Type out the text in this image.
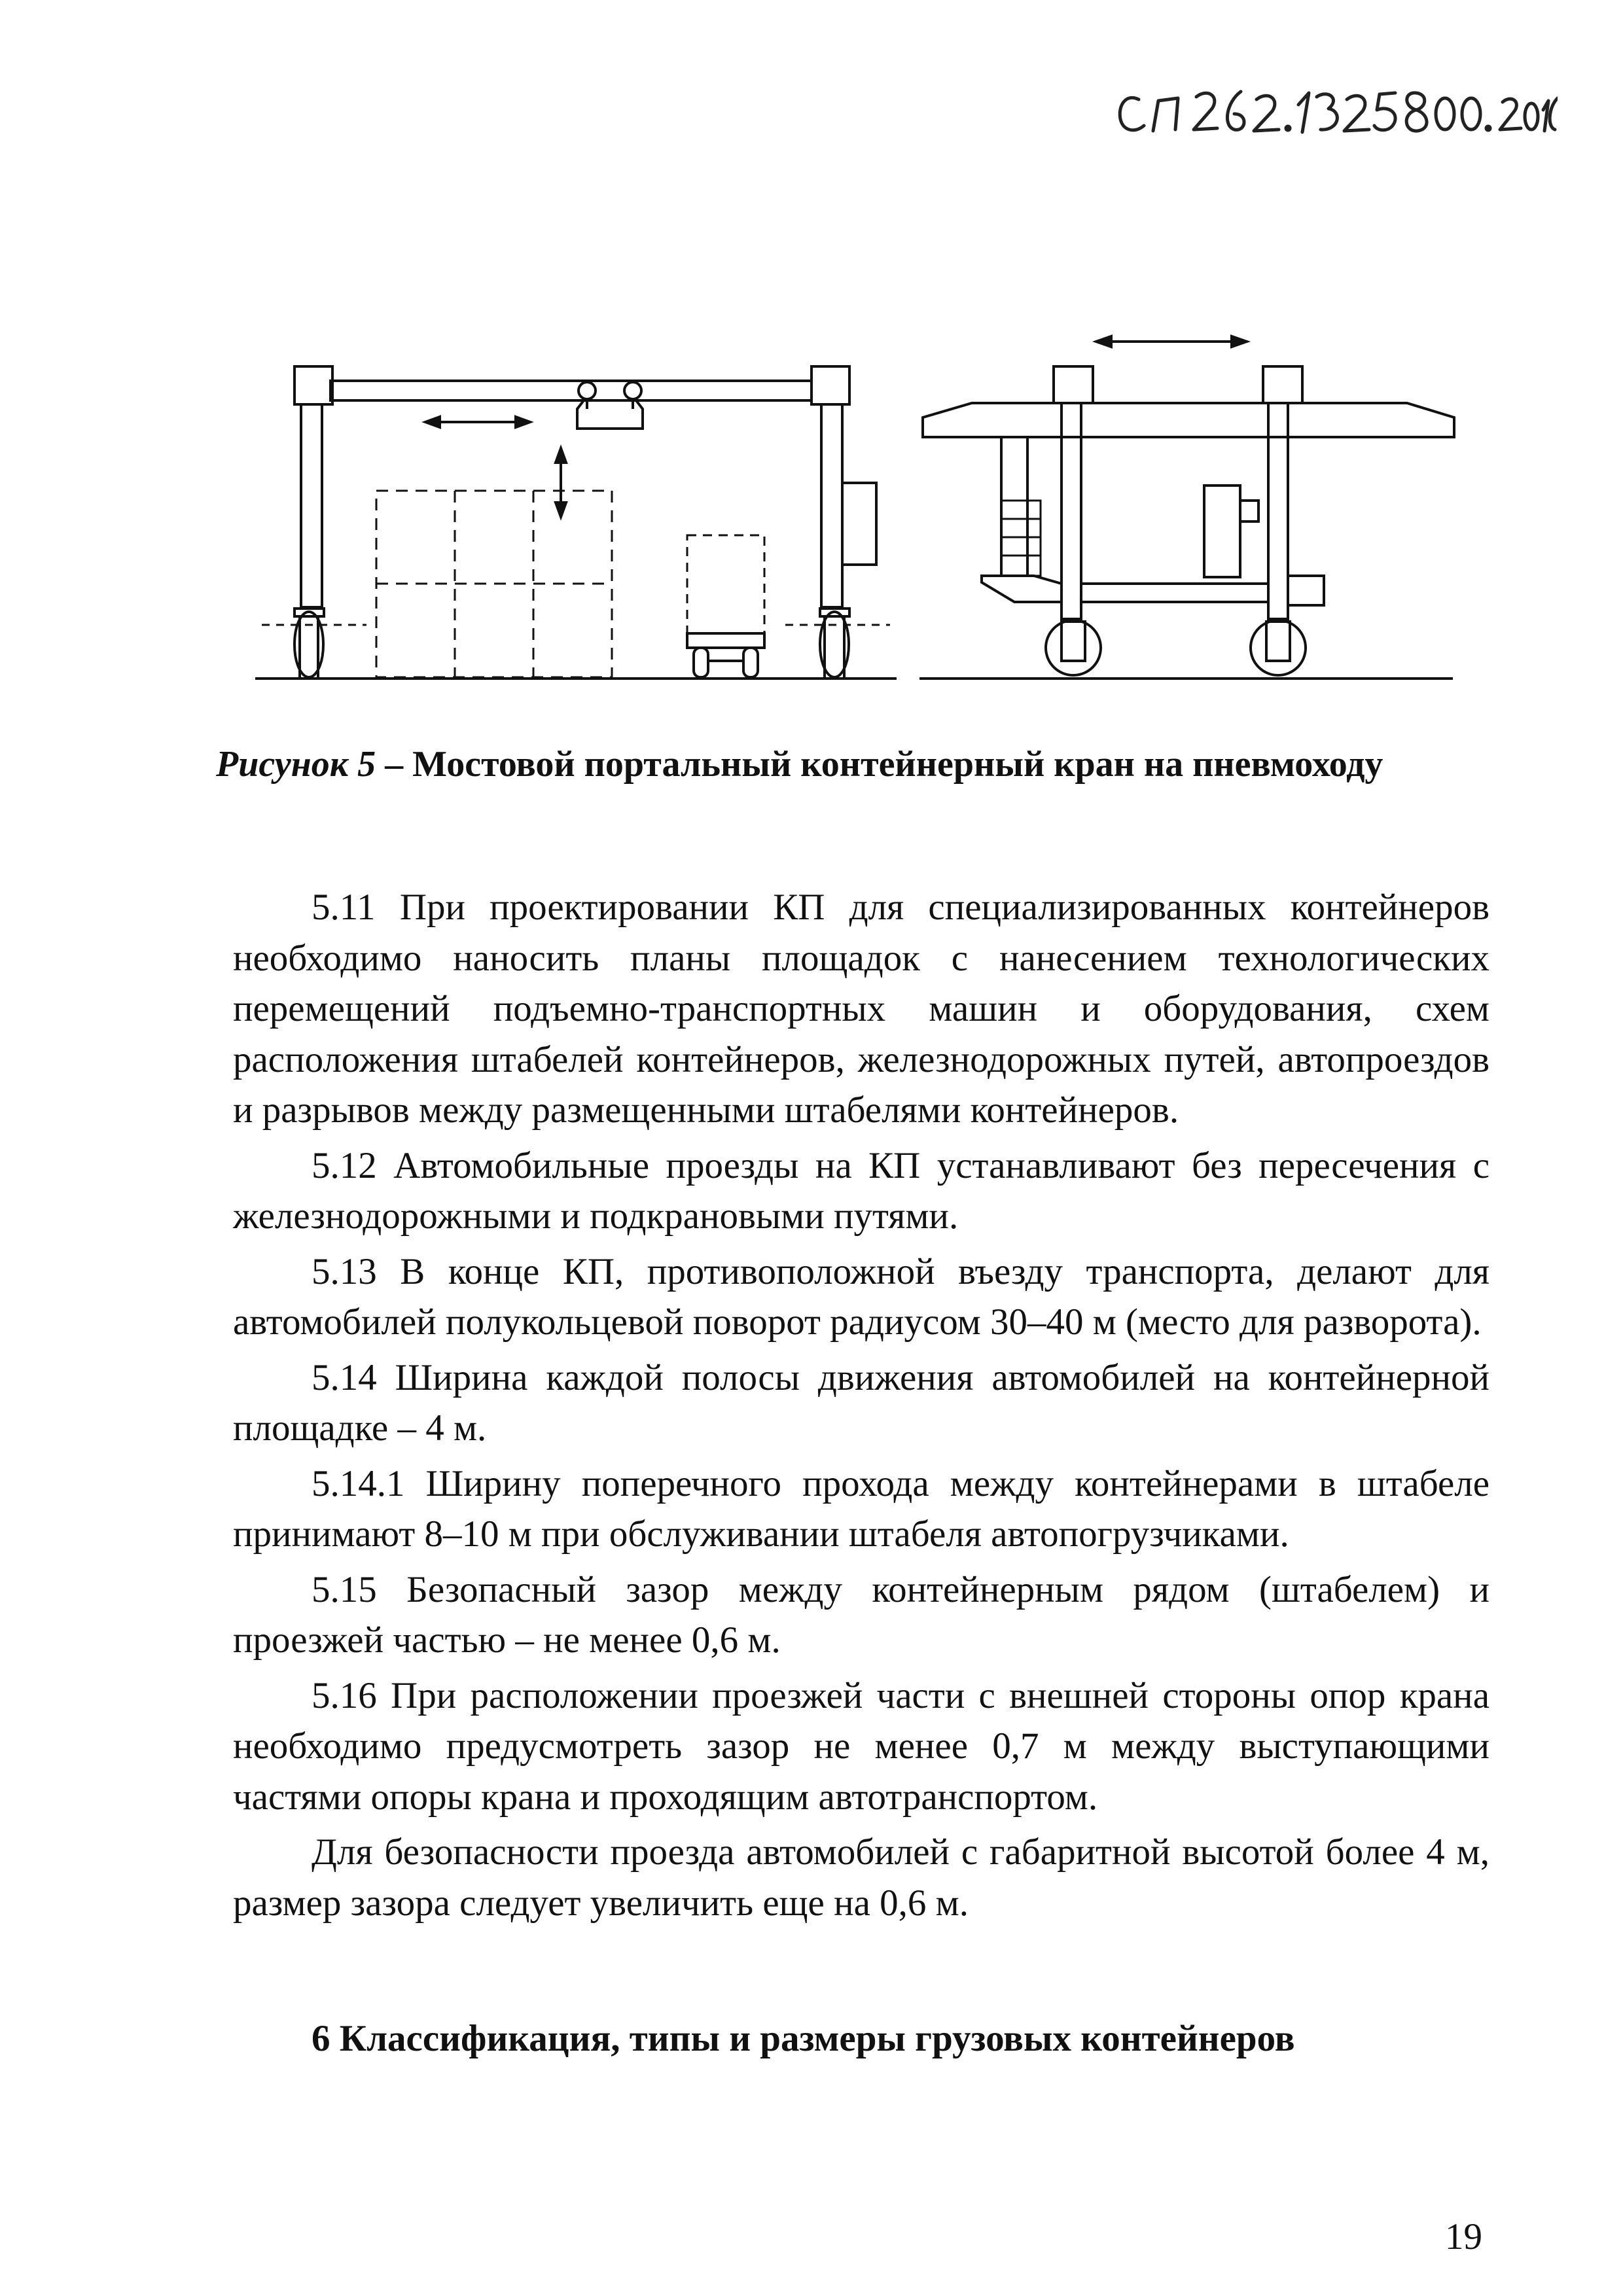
Рисунок 5 – Мостовой портальный контейнерный кран на пневмоходу

5.11 При проектировании КП для специализированных контейнеров необходимо наносить планы площадок с нанесением технологических перемещений подъемно-транспортных машин и оборудования, схем расположения штабелей контейнеров, железнодорожных путей, автопроездов и разрывов между размещенными штабелями контейнеров.

5.12 Автомобильные проезды на КП устанавливают без пересечения с железнодорожными и подкрановыми путями.

5.13 В конце КП, противоположной въезду транспорта, делают для автомобилей полукольцевой поворот радиусом 30–40 м (место для разворота).

5.14 Ширина каждой полосы движения автомобилей на контейнерной площадке – 4 м.

5.14.1 Ширину поперечного прохода между контейнерами в штабеле принимают 8–10 м при обслуживании штабеля автопогрузчиками.

5.15 Безопасный зазор между контейнерным рядом (штабелем) и проезжей частью – не менее 0,6 м.

5.16 При расположении проезжей части с внешней стороны опор крана необходимо предусмотреть зазор не менее 0,7 м между выступающими частями опоры крана и проходящим автотранспортом.

Для безопасности проезда автомобилей с габаритной высотой более 4 м, размер зазора следует увеличить еще на 0,6 м.

6 Классификация, типы и размеры грузовых контейнеров
19
